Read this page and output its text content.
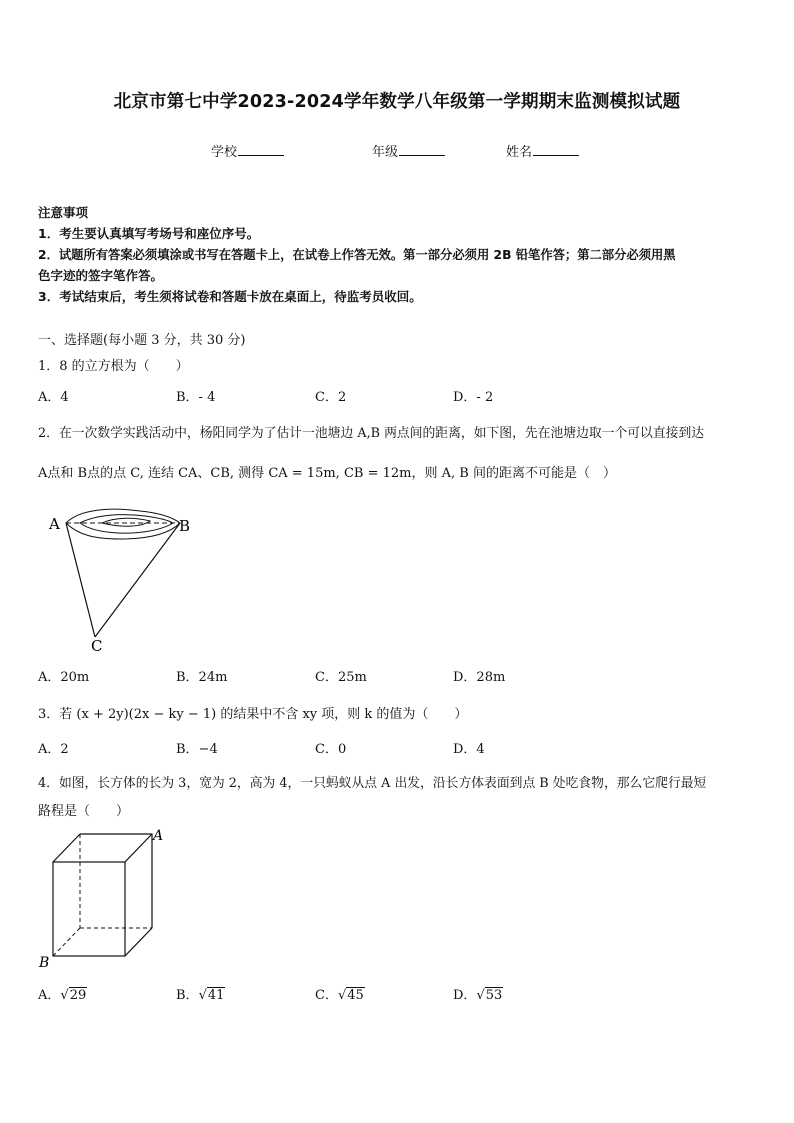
北京市第七中学2023-2024学年数学八年级第一学期期末监测模拟试题
学校	年级	姓名
注意事项
1．考生要认真填写考场号和座位序号。
2．试题所有答案必须填涂或书写在答题卡上，在试卷上作答无效。第一部分必须用 2B 铅笔作答；第二部分必须用黑
色字迹的签字笔作答。
3．考试结束后，考生须将试卷和答题卡放在桌面上，待监考员收回。
一、选择题(每小题 3 分，共 30 分)
1．8 的立方根为（　　）
A．4	B．- 4	C．2	D．- 2
2．在一次数学实践活动中，杨阳同学为了估计一池塘边 A,B 两点间的距离，如下图，先在池塘边取一个可以直接到达
A点和 B点的点 C, 连结 CA、CB, 测得 CA = 15m, CB = 12m，则 A, B 间的距离不可能是（　）
A	B
C
A．20m	B．24m	C．25m	D．28m
3．若 (x + 2y)(2x − ky − 1) 的结果中不含 xy 项，则 k 的值为（　　）
A．2	B．−4	C．0	D．4
4．如图，长方体的长为 3，宽为 2，高为 4，一只蚂蚁从点 A 出发，沿长方体表面到点 B 处吃食物，那么它爬行最短
路程是（　　）
A
B
A．√29	B．√41	C．√45	D．√53
